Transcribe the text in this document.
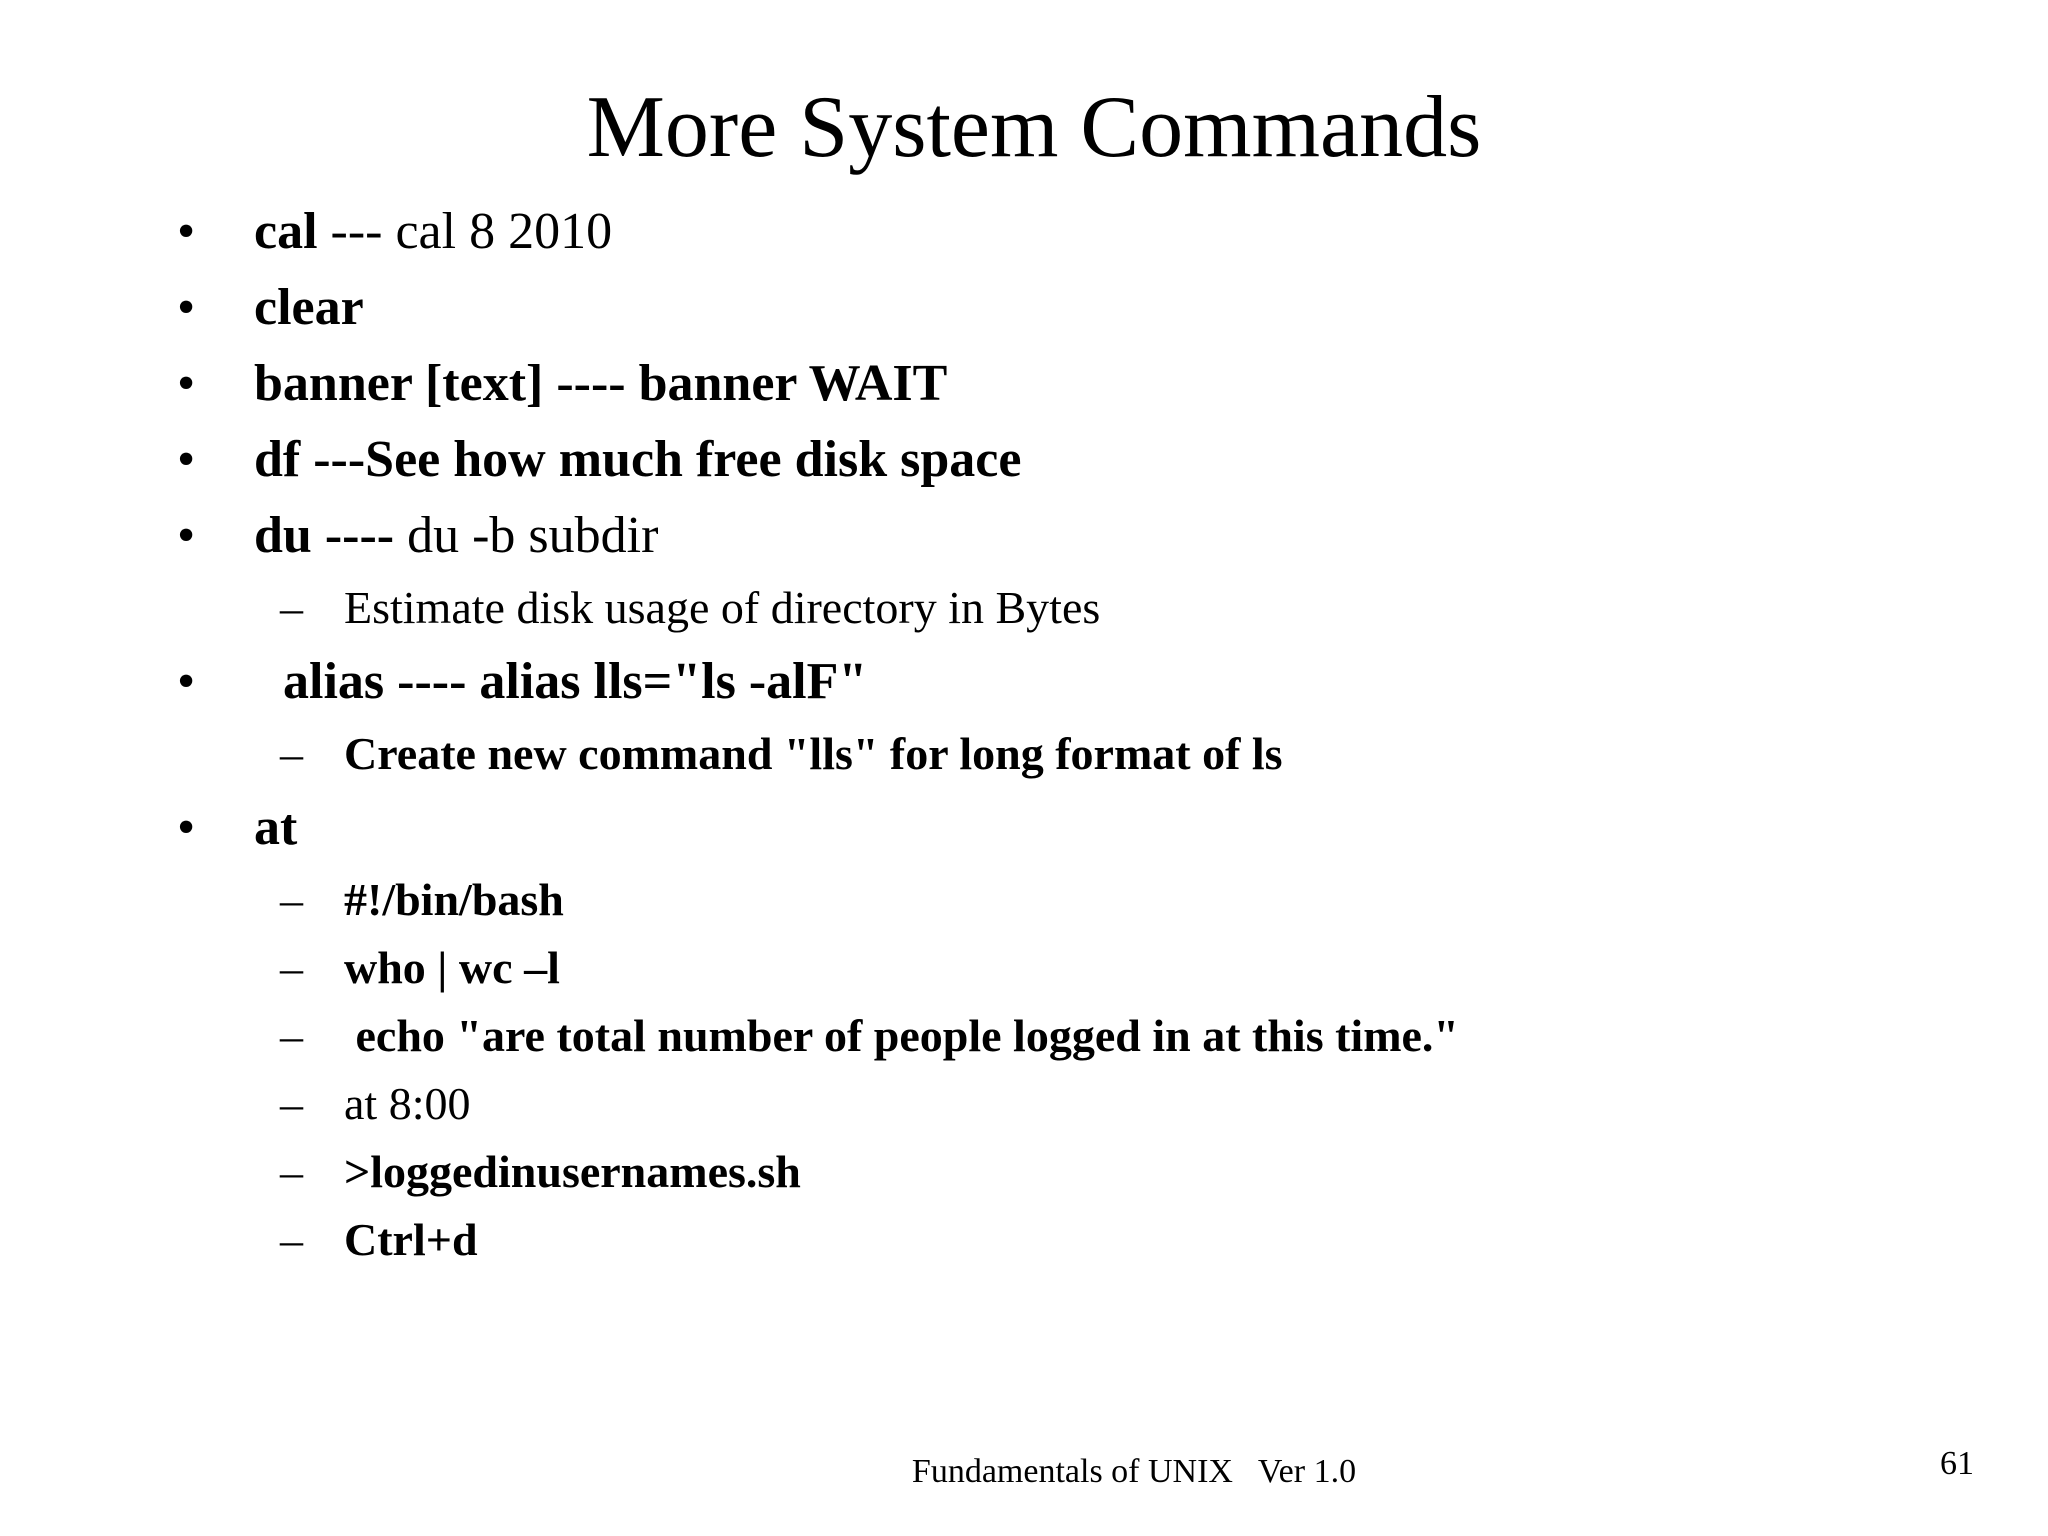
More System Commands
• cal --- cal 8 2010
• clear
• banner [text] ---- banner WAIT
• df ---See how much free disk space
• du ---- du -b subdir
– Estimate disk usage of directory in Bytes
• alias ---- alias lls="ls -alF"
– Create new command "lls" for long format of ls
• at
– #!/bin/bash
– who | wc –l
– echo "are total number of people logged in at this time."
– at 8:00
– >loggedinusernames.sh
– Ctrl+d
Fundamentals of UNIX   Ver 1.0	61
